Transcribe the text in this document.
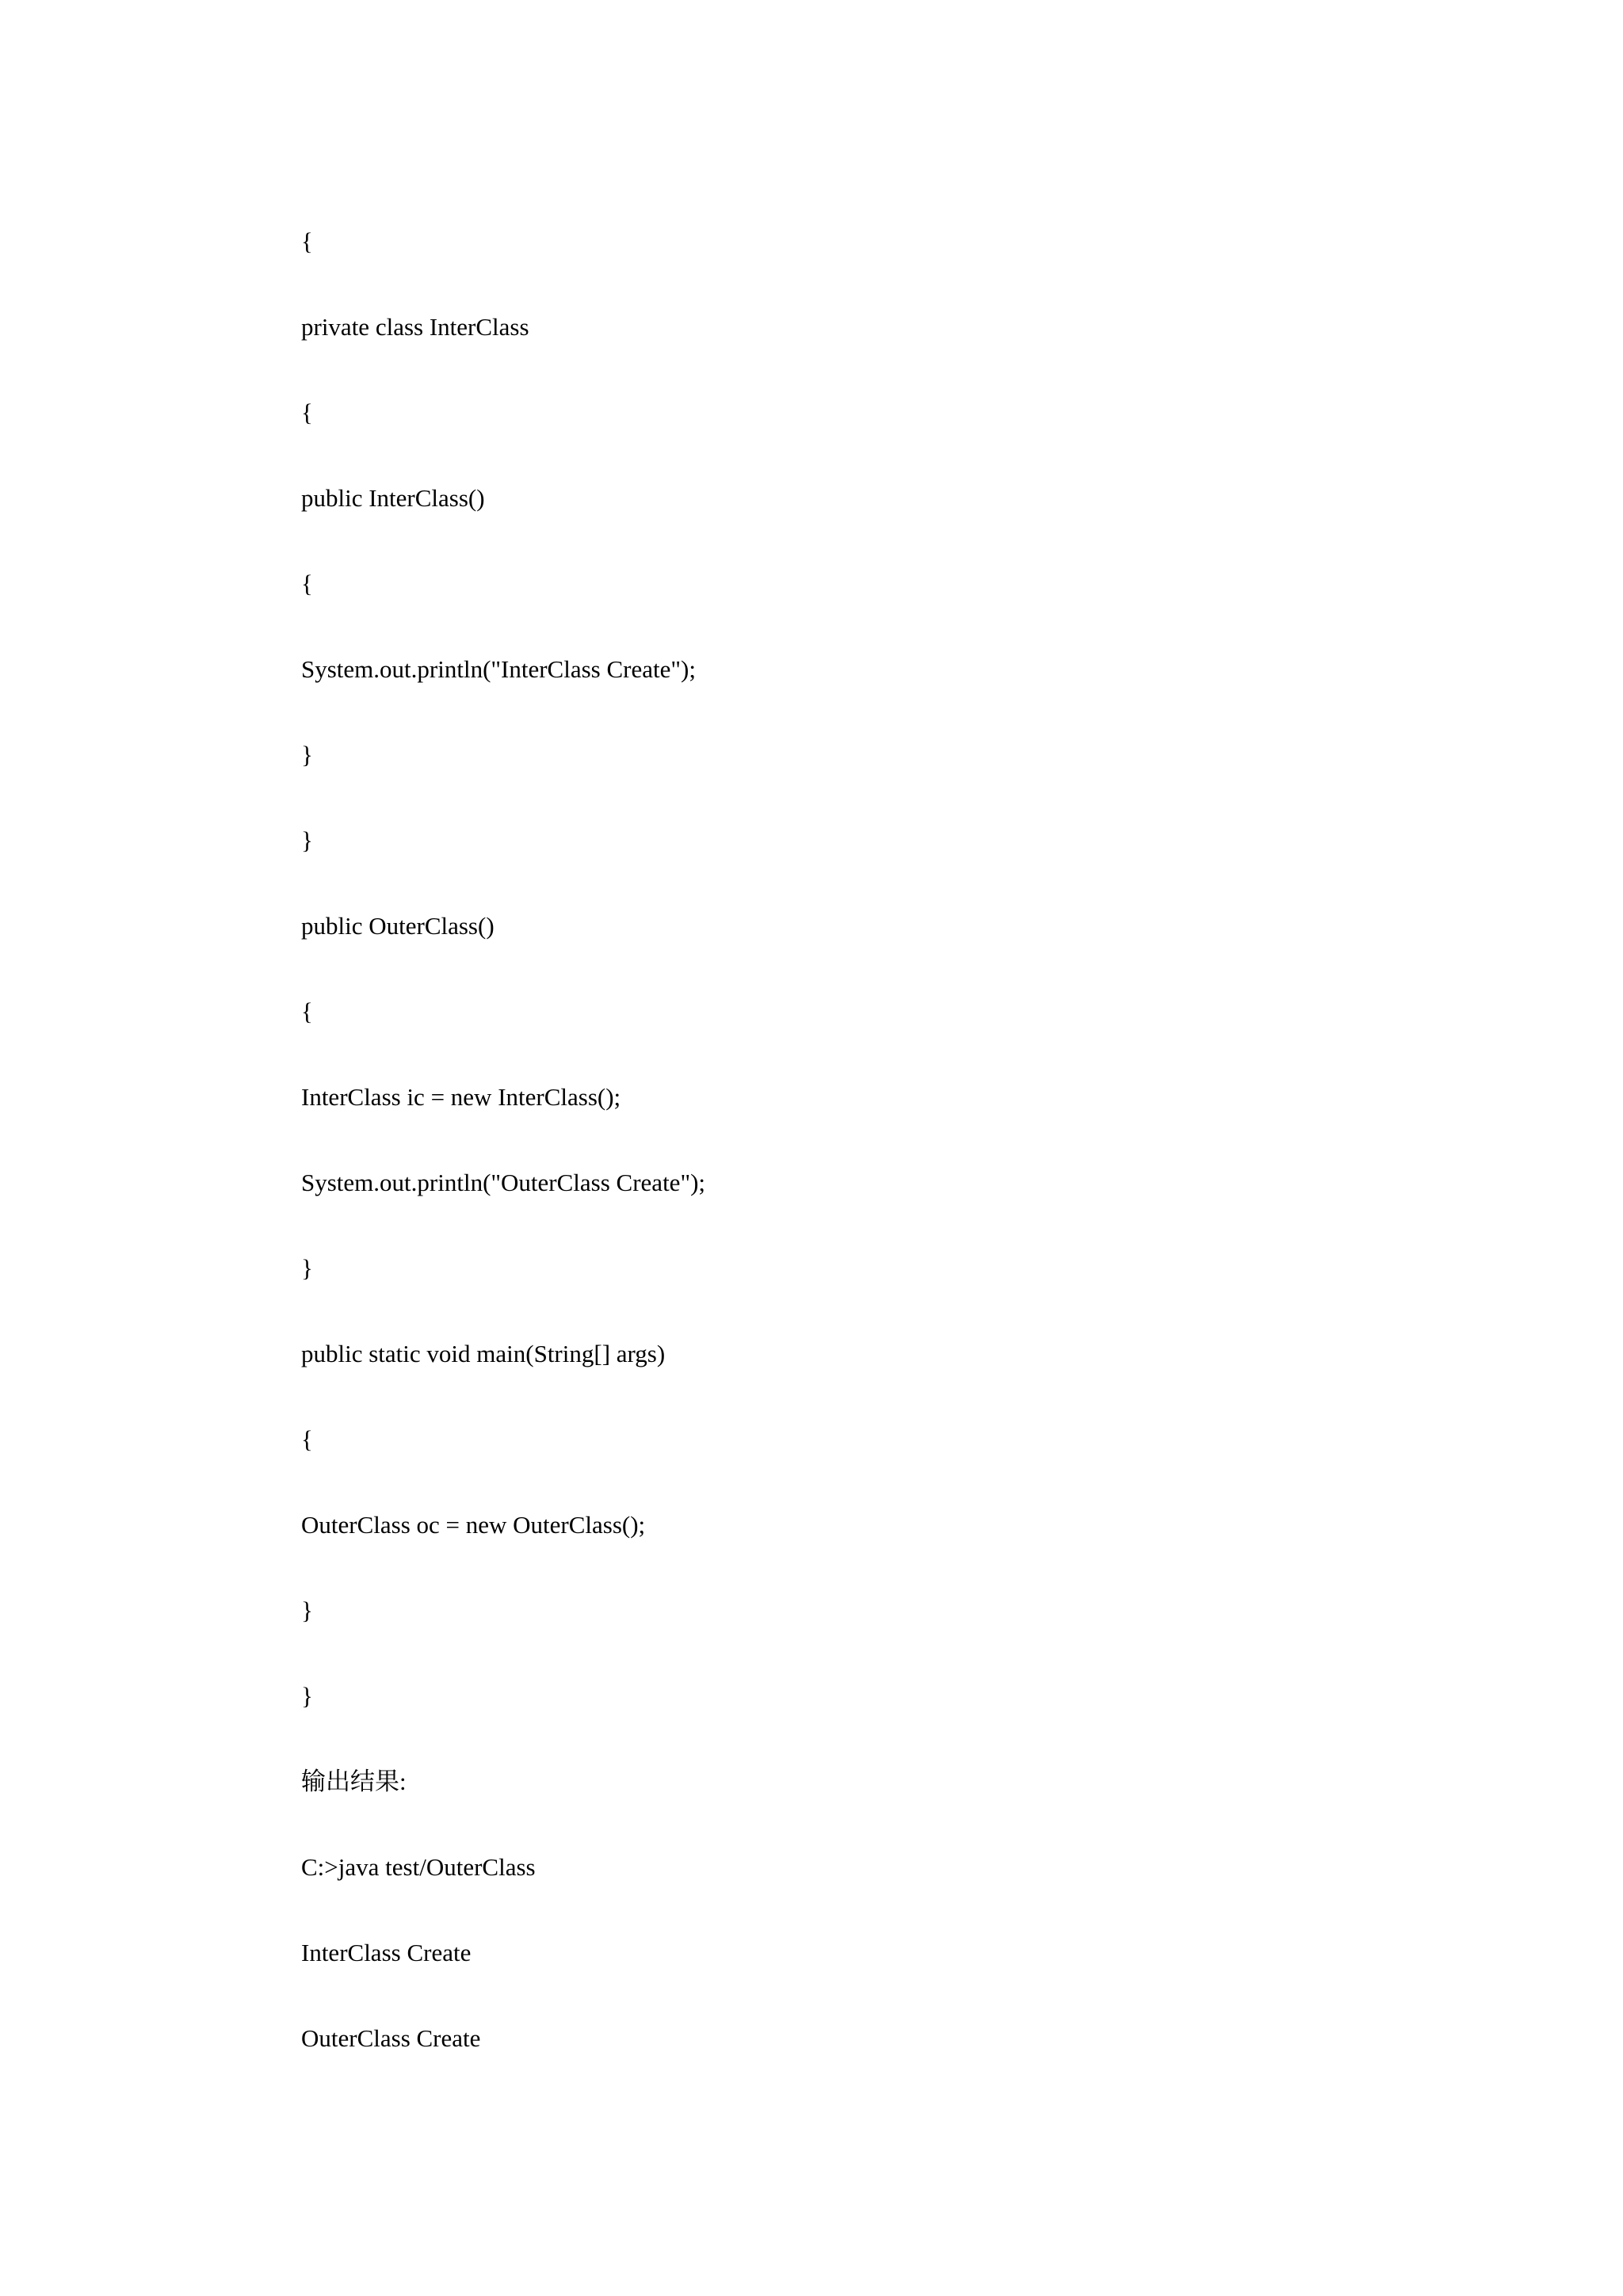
{

private class InterClass

{

public InterClass()

{

System.out.println("InterClass Create");

}

}

public OuterClass()

{

InterClass ic = new InterClass();

System.out.println("OuterClass Create");

}

public static void main(String[] args)

{

OuterClass oc = new OuterClass();

}

}

输出结果:

C:>java test/OuterClass

InterClass Create

OuterClass Create
